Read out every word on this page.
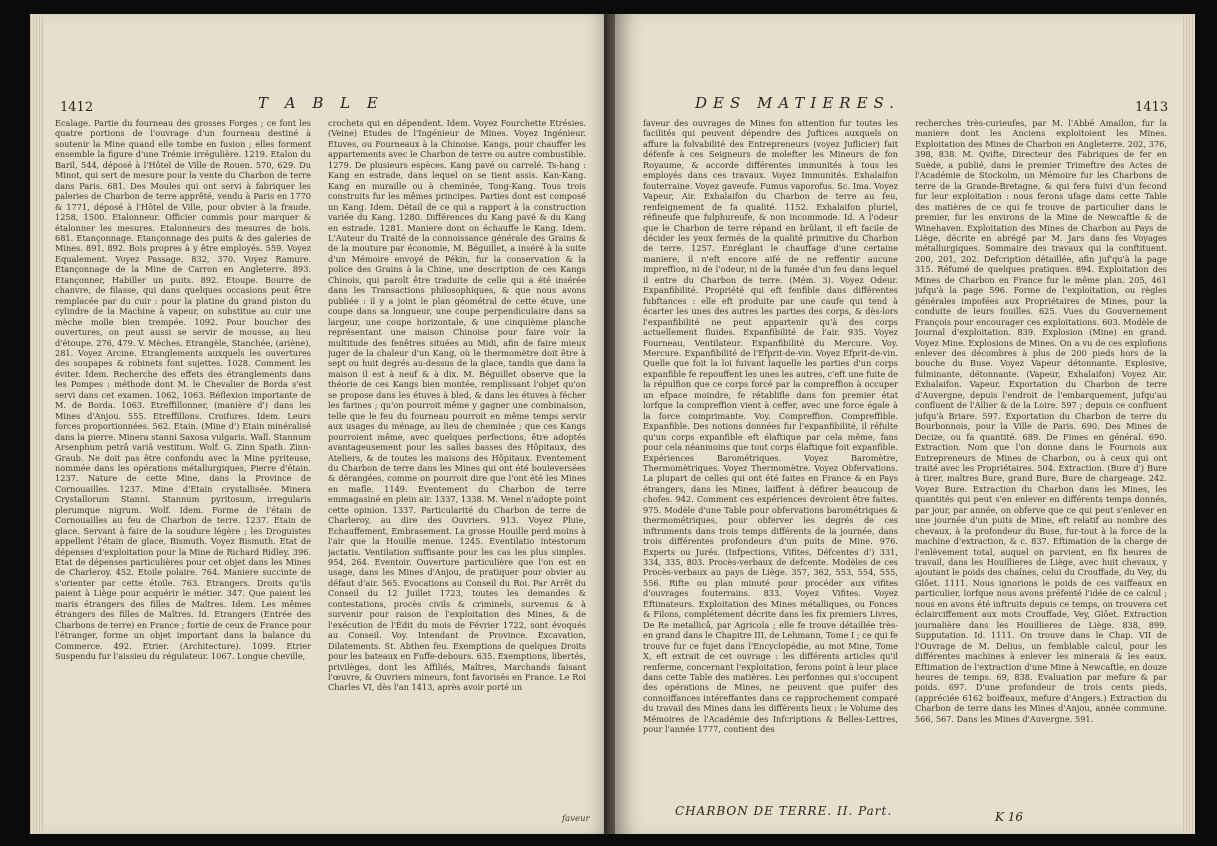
1412	T A B L E

Ecalage. Partie du fourneau des grosses Forges ; ce font les quatre portions de l'ouvrage d'un fourneau destiné à soutenir la Mine quand elle tombe en fusion ; elles forment ensemble la figure d'une Trémie irrégulière. 1219. Etalon du Baril, 544, déposé à l'Hôtel de Ville de Rouen. 570, 629. Du Minot, qui sert de mesure pour la vente du Charbon de terre dans Paris. 681. Des Moules qui ont servi à fabriquer les paleries de Charbon de terre apprêté, vendu à Paris en 1770 & 1771, déposé à l'Hôtel de Ville, pour obvier à la fraude. 1258, 1500. Etalonneur. Officier commis pour marquer & étalonner les mesures. Etalonneurs des mesures de bois. 681. Etançonnage. Etançonnage des puits & des galeries de Mines. 891, 892. Bois propres à y être employés. 559. Voyez Equalement. Voyez Passage. 832, 370. Voyez Ramure. Etançonnage de la Mine de Carron en Angleterre. 893. Etançonner, Habiller un puits. 892. Etoupe. Bourre de chanvre, de filasse, qui dans quelques occasions peut être remplacée par du cuir : pour la platine du grand piston du cylindre de la Machine à vapeur, on substitue au cuir une mèche molle bien trempée. 1092. Pour boucher des ouvertures, on peut aussi se servir de mousse, au lieu d'étoupe. 276, 479. V. Mèches. Etrangèle, Stanchée, (ariène), 281. Voyez Arcine. Etranglements auxquels les ouvertures des soupapes & robinets font sujettes. 1028. Comment les éviter. Idem. Recherche des effets des étranglements dans les Pompes : méthode dont M. le Chevalier de Borda s'est servi dans cet examen. 1062, 1063. Réflexion importante de M. de Borda. 1063. Etreffillonner, (manière d') dans les Mines d'Anjou. 555. Etreffillons. Croifures. Idem. Leurs forces proportionnées. 562. Etain. (Mine d') Etain minéralisé dans la pierre. Minera stanni Saxosa vulgaris. Wall. Stannum Arsenphum petrâ variâ vestitum. Wolf. G. Zinn Spath. Zinn-Graub. Ne doit pas être confondu avec la Mine pyriteuse, nommée dans les opérations métallurgiques, Pierre d'étain. 1237. Nature de cette Mine, dans la Province de Cornouailles. 1237. Mine d'Etain crystallisée. Minera Crystallorum Stanni. Stannum pyritosum, irregularis plerumque nigrum. Wolf. Idem. Forme de l'étain de Cornouailles au feu de Charbon de terre. 1237. Etain de glace. Servant à faire de la soudure légère ; les Droguistes appellent l'étain de glace, Bismuth. Voyez Bismuth. Etat de dépenses d'exploitation pour la Mine de Richard Ridley. 396. Etat de dépenses particulières pour cet objet dans les Mines de Charleroy. 452. Etoile polaire. 764. Maniere succinte de s'orienter par cette étoile. 763. Etrangers. Droits qu'ils paient à Liège pour acquérir le métier. 347. Que paient les maris étrangers des filles de Maîtres. Idem. Les mêmes étrangers des filles de Maîtres. Id. Etrangers (Entrée des Charbons de terre) en France ; fortie de ceux de France pour l'étranger, forme un objet important dans la balance du Commerce. 492. Etrier. (Architecture). 1099. Etrier Suspendu fur l'aissieu du régulateur. 1067. Longue cheville,

crochets qui en dépendent. Idem. Voyez Fourchette Etrésies. (Veine) Etudes de l'Ingénieur de Mines. Voyez Ingénieur. Etuves, ou Fourneaux à la Chinoise. Kangs, pour chauffer les appartements avec le Charbon de terre ou autre combustible. 1279. De plusieurs espèces. Kang pavé ou carrelé. Ts-hang : Kang en estrade, dans lequel on se tient assis. Kan-Kang. Kang en muraille ou à cheminée, Tong-Kang. Tous trois construits fur les mêmes principes. Parties dont est composé un Kang. Idem. Détail de ce qui a rapport à la construction variée du Kang. 1280. Différences du Kang pavé & du Kang en estrade. 1281. Maniere dont on échauffe le Kang. Idem. L'Auteur du Traité de la connoissance générale des Grains & de la mouture par économie, M. Béguillet, a inséré à la suite d'un Mémoire envoyé de Pékin, fur la conservation & la police des Grains à la Chine, une description de ces Kangs Chinois, qui paroît être traduite de celle qui a été insérée dans les Transactions philosophiques, & que nous avons publiée : il y a joint le plan géométral de cette étuve, une coupe dans sa longueur, une coupe perpendiculaire dans sa largeur, une coupe horizontale, & une cinquième planche représentant une maison Chinoise pour faire voir la multitude des fenêtres situées au Midi, afin de faire mieux juger de la chaleur d'un Kang, où le thermomètre doit être à sept ou huit degrés au-dessus de la glace, tandis que dans la maison il est à neuf & à dix. M. Béguillet observe que la théorie de ces Kangs bien montée, remplissant l'objet qu'on se propose dans les étuves à bled, & dans les étuves à fécher les farines ; qu'on pourroit même y gagner une combinaison, telle que le feu du fourneau pourroit en même temps servir aux usages du ménage, au lieu de cheminée ; que ces Kangs pourroient même, avec quelques perfections, être adoptés avantageusement pour les salles basses des Hôpitaux, des Ateliers, & de toutes les maisons des Hôpitaux. Eventement du Charbon de terre dans les Mines qui ont été bouleversées & dérangées, comme on pourroit dire que l'ont été les Mines en mafle. 1149. Eventement du Charbon de terre emmagasiné en plein air. 1337, 1338. M. Venel n'adopte point cette opinion. 1337. Particularité du Charbon de terre de Charleroy, au dire des Ouvriers. 913. Voyez Pluie, Echauffement, Embrasement. La grosse Houille perd moins à l'air que la Houille menue. 1245. Eventilatio intestorum jactatis. Ventilation suffisante pour les cas les plus simples. 954, 264. Eventoir. Ouverture particulière que l'on est en usage, dans les Mines d'Anjou, de pratiquer pour obvier au défaut d'air. 565. Evocations au Conseil du Roi. Par Arrêt du Conseil du 12 Juillet 1723, toutes les demandes & contestations, procès civils & criminels, survenus & à survenir pour raison de l'exploitation des Mines, & de l'exécution de l'Édit du mois de Février 1722, sont évoqués au Conseil. Voy. Intendant de Province. Excavation, Dilatements. St. Abthen feu. Exemptions de quelques Droits pour les bateaux en Fuffe-debours. 635. Exemptions, libertés, privilèges, dont les Affiliés, Maîtres, Marchands faisant l'œuvre, & Ouvriers mineurs, font favorisés en France. Le Roi Charles VI, dès l'an 1413, après avoir porté un

faveur
DES MATIERES.	1413

faveur des ouvrages de Mines fon attention fur toutes les facilités qui peuvent dépendre des Juftices auxquels on affure la folvabilité des Entrepreneurs (voyez Juflicier) fait défenfe à ces Seigneurs de molefter les Mineurs de fon Royaume, & accorde différentes immunités à tous les employés dans ces travaux. Voyez Immunités. Exhalaifon fouterraine. Voyez gaveufe. Fumus vaporofus. Sc. Ima. Voyez Vapeur, Air. Exhalaifon du Charbon de terre au feu, renfeignement de fa qualité. 1152. Exhalaifon pluriel, réfineufe que fulphureufe, & non incommode. Id. A l'odeur que le Charbon de terre répand en brûlant, il eft facile de décider les yeux fermés de la qualité primitive du Charbon de terre. 1257. Enréglant le chauffage d'une certaine maniere, il n'eft encore aifé de ne reffentir aucune impreffion, ni de l'odeur, ni de la fumée d'un feu dans lequel il entre du Charbon de terre. (Mém. 3). Voyez Odeur. Expanfibilité. Propriété qui eft fenfible dans différentes fubftances : elle eft produite par une caufe qui tend à écarter les unes des autres les parties des corps, & dès-lors l'expanfibilité ne peut appartenir qu'à des corps actuellement fluides. Expanfibilité de l'air. 935. Voyez Fourneau, Ventilateur. Expanfibilité du Mercure. Voy. Mercure. Expanfibilité de l'Efprit-de-vin. Voyez Efprit-de-vin. Quelle que foit la loi fuivant laquelle les parties d'un corps expanfible fe repouffent les unes les autres, c'eft une fuite de la répulfion que ce corps forcé par la compreffion à occuper un efpace moindre, fe rétablifle dans fon premier état lorfque la compreffion vient à ceffer, avec une force égale à la force comprimante. Voy. Compreffion. Compreffible. Expanfible. Des notions données fur l'expanfibilité, il réfulte qu'un corps expanfible eft élaftique par cela même, fans pour cela néanmoins que tout corps élaftique foit expanfible. Expériences Barométriques. Voyez Baromètre, Thermomètriques. Voyez Thermomètre. Voyez Obfervations. La plupart de celles qui ont été faites en France & en Pays étrangers, dans les Mines, laiffent à défirer beaucoup de chofes. 942. Comment ces expériences devroient être faites. 975. Modèle d'une Table pour obfervations barométriques & thermométriques, pour obferver les degrés de ces inftruments dans trois temps différents de la journée, dans trois différentes profondeurs d'un puits de Mine. 976. Experts ou Jurés. (Infpections, Vifites, Défcentes d') 331, 334, 335, 803. Procès-verbaux de defcente. Modèles de ces Procès-verbaux au pays de Liège. 357, 362, 553, 554, 555, 556. Rifte ou plan minuté pour procéder aux vifites d'ouvrages fouterrains. 833. Voyez Vifites. Voyez Eftimateurs. Exploitation des Mines métalliques, ou Fonces & Filons, complétement décrite dans les fix premiers Livres, De Re metallicâ, par Agricola ; elle fe trouve détaillée très-en grand dans le Chapitre III, de Lehmann, Tome I ; ce qui fe trouve fur ce fujet dans l'Encyclopédie, au mot Mine, Tome X, eft extrait de cet ouvrage : les différents articles qu'il renferme, concernant l'exploitation, ferons point à leur place dans cette Table des matières. Les perfonnes qui s'occupent des opérations de Mines, ne peuvent que puifer des connoiffances intéreffantes dans ce rapprochement comparé du travail des Mines dans les différents lieux : le Volume des Mémoires de l'Académie des Infcriptions & Belles-Lettres, pour l'année 1777, contient des

recherches très-curieufes, par M. l'Abbé Amailon, fur la maniere dont les Anciens exploitoient les Mines. Exploitation des Mines de Charbon en Angleterre. 202, 376, 398, 838. M. Qvifte, Directeur des Fabriques de fer en Suède, a publié, dans le premier Trimeftre des Actes de l'Académie de Stockolm, un Mémoire fur les Charbons de terre de la Grande-Bretagne, & qui fera fuivi d'un fecond fur leur exploitation : nous ferons ufage dans cette Table des matières de ce qui fe trouve de particulier dans le premier, fur les environs de la Mine de Newcaftle & de Winehaven. Exploitation des Mines de Charbon au Pays de Liège, décrite en abrégé par M. Jars dans fes Voyages métallurgiques. Sommaire des travaux qui la conftituent. 200, 201, 202. Defcription détaillée, afin juf'qu'à la page 315. Réfumé de quelques pratiques. 894. Exploitation des Mines de Charbon en France fur le même plan. 205, 461 jufqu'à la page 596. Forme de l'exploitation, ou règles générales impofées aux Propriétaires de Mines, pour la conduite de leurs fouilles. 625. Vues du Gouvernement François pour encourager ces exploitations. 603. Modèle de Journal d'exploitation. 839. Explosion (Mine) en grand. Voyez Mine. Explosions de Mines. On a vu de ces explofions enlever des décombres à plus de 200 pieds hors de la bouche du Buse. Voyez Vapeur détonnante. Explosive, fulminante, détonnante. (Vapeur, Exhalaifon) Voyez Air. Exhalaifon. Vapeur. Exportation du Charbon de terre d'Auvergne, depuis l'endroit de l'embarquement, jufqu'au confluent de l'Allier & de la Loire. 597 ; depuis ce confluent jufqu'à Briare. 597. Exportation du Charbon de terre du Bourbonnois, pour la Ville de Paris. 690. Des Mines de Decize, ou fa quantité. 689. De Fimes en général. 690. Extraction. Nom que l'on donne dans le Fournois aux Entrepreneurs de Mines de Charbon, ou à ceux qui ont traité avec les Propriétaires. 504. Extraction. (Bure d') Bure à tirer, maîtres Bure, grand Bure, Bure de chargeage. 242. Voyez Bure. Extraction du Charbon dans les Mines, les quantités qui peut s'en enlever en différents temps donnés, par jour, par année, on obferve que ce qui peut s'enlever en une journée d'un puits de Mine, eft relatif au nombre des chevaux, à la profondeur du Buse, fur-tout à la force de la machine d'extraction, & c. 837. Eftimation de la charge de l'enlèvement total, auquel on parvient, en fix heures de travail, dans les Houillieres de Liège, avec huit chevaux, y ajoutant le poids des chaînes, celui du Crouffade, du Vey, du Glôet. 1111. Nous ignorions le poids de ces vaiffeaux en particulier, lorfque nous avons préfenté l'idée de ce calcul ; nous en avons été inftruits depuis ce temps, on trouvera cet éclairciffement aux mots Crouffade, Vey, Glôet. Extraction journalière dans les Houillieres de Liège. 838, 899. Supputation. Id. 1111. On trouve dans le Chap. VII de l'Ouvrage de M. Delius, un femblable calcul, pour les différentes machines à enlever les minerais & les eaux. Eftimation de l'extraction d'une Mine à Newcaftle, en douze heures de temps. 69, 838. Evaluation par mefure & par poids. 697. D'une profondeur de trois cents pieds, (appréciée 6162 boiffeaux, mefure d'Angers.) Extraction du Charbon de terre dans les Mines d'Anjou, année commune. 566, 567. Dans les Mines d'Auvergne. 591.

CHARBON DE TERRE. II. Part.	K 16
